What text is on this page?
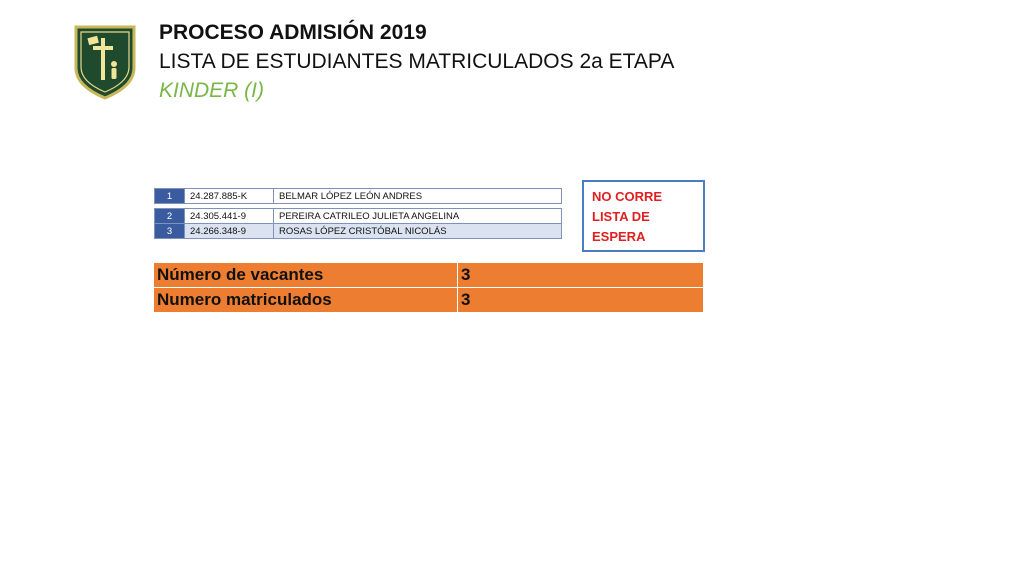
PROCESO ADMISIÓN 2019
LISTA DE ESTUDIANTES MATRICULADOS 2a ETAPA
KINDER (I)
1	24.287.885-K	BELMAR LÓPEZ LEÓN ANDRES
2	24.305.441-9	PEREIRA CATRILEO JULIETA ANGELINA
3	24.266.348-9	ROSAS LÓPEZ CRISTÓBAL NICOLÁS
NO CORRE
LISTA DE
ESPERA
Número de vacantes	3
Numero matriculados	3
